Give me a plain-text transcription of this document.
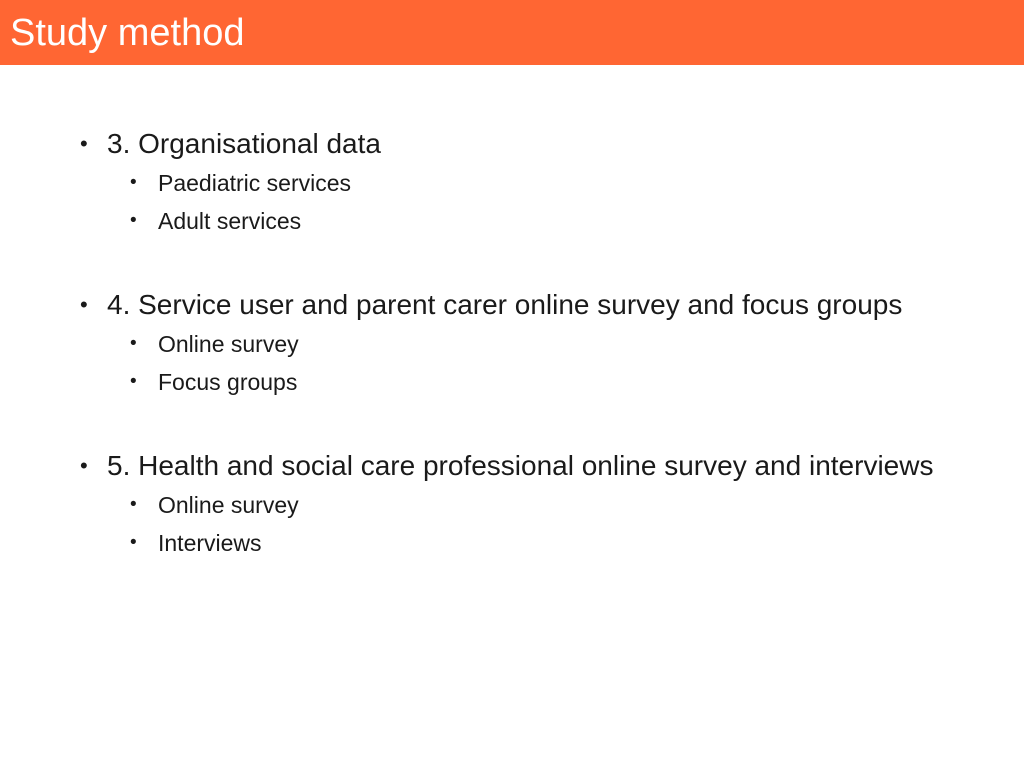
Study method
• 3. Organisational data
• Paediatric services
• Adult services
• 4. Service user and parent carer online survey and focus groups
• Online survey
• Focus groups
• 5. Health and social care professional online survey and interviews
• Online survey
• Interviews
